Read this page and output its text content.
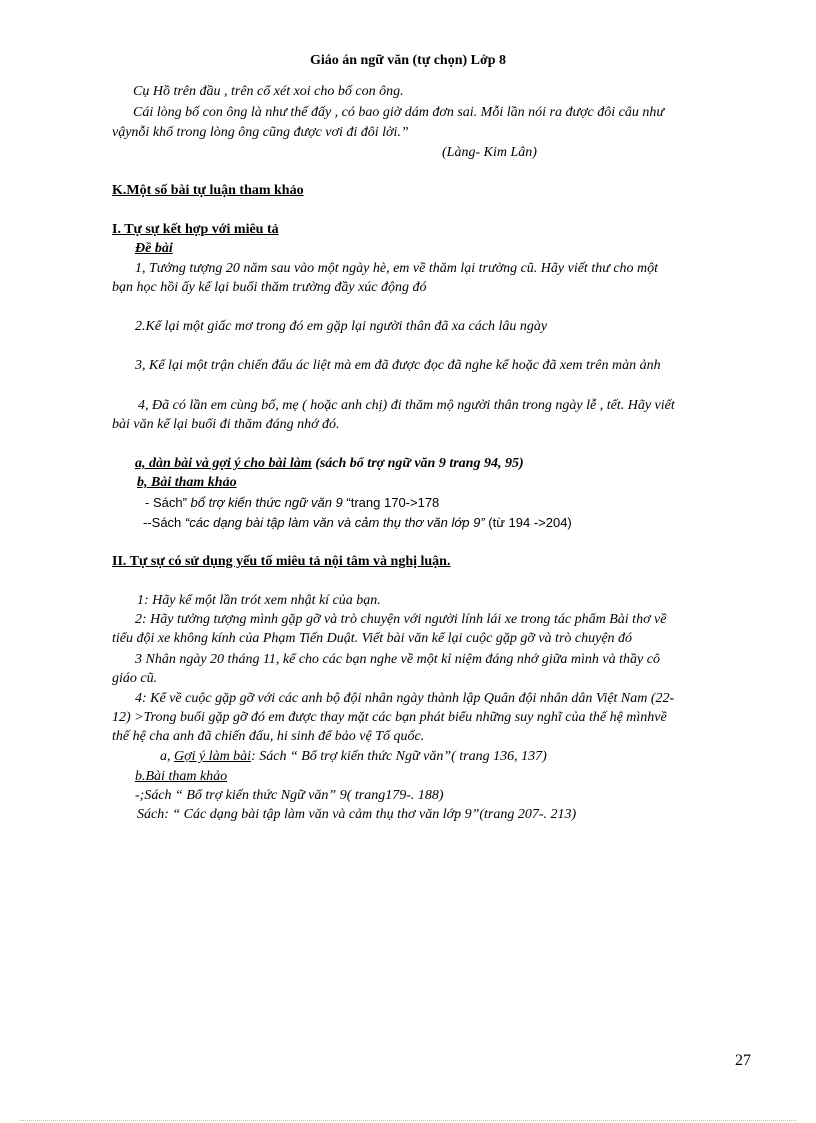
Giáo án ngữ văn (tự chọn) Lớp 8
Cụ Hồ trên đầu , trên cổ xét xoi cho bố con ông.
Cái lòng bố con ông là như thế đấy , có bao giờ dám đơn sai. Mỗi lần nói ra được đôi câu như
vậynỗi khổ trong lòng ông cũng được vơi đi đôi lời.”
(Làng- Kim Lân)
K.Một số bài tự luận tham khảo
I. Tự sự kết hợp với miêu tả
Đề bài
1, Tưởng tượng 20 năm sau vào một ngày hè, em về thăm lại trường cũ. Hãy viết thư cho một
bạn học hồi ấy kể lại buổi thăm trường đầy xúc động đó
2.Kể lại một giấc mơ trong đó em gặp lại người thân đã xa cách lâu ngày
3, Kể lại một trận chiến đấu ác liệt mà em đã được đọc đã nghe kể hoặc đã xem trên màn ảnh
4, Đã có lần em cùng bố, mẹ ( hoặc anh chị) đi thăm mộ người thân trong ngày lễ , tết. Hãy viết
bài văn kể lại buổi đi thăm đáng nhớ đó.
a, dàn bài và gợi ý cho bài làm (sách bổ trợ ngữ văn 9 trang 94, 95)
b, Bài tham khảo
- Sách” bổ trợ kiến thức ngữ văn 9 “trang 170->178
--Sách “các dạng bài tập làm văn và cảm thụ thơ văn lớp 9” (từ 194 ->204)
II. Tự sự có sử dụng yếu tố miêu tả nội tâm và nghị luận.
1: Hãy kể một lần trót xem nhật kí của bạn.
2: Hãy tưởng tượng mình gặp gỡ và trò chuyện với người lính lái xe trong tác phẩm Bài thơ về
tiểu đội xe không kính của Phạm Tiến Duật. Viết bài văn kể lại cuộc gặp gỡ và trò chuyện đó
3 Nhân ngày 20 tháng 11, kể cho các bạn nghe về một kỉ niệm đáng nhớ giữa mình và thầy cô
giáo cũ.
4: Kể về cuộc gặp gỡ với các anh bộ đội nhân ngày thành lập Quân đội nhân dân Việt Nam (22-
12) >Trong buổi gặp gỡ đó em được thay mặt các bạn phát biểu những suy nghĩ của thế hệ mìnhvề
thế hệ cha anh đã chiến đấu, hi sinh để bảo vệ Tổ quốc.
a, Gợi ý làm bài: Sách “ Bổ trợ kiến thức Ngữ văn”( trang 136, 137)
b.Bài tham khảo
-;Sách “ Bổ trợ kiến thức Ngữ văn” 9( trang179-. 188)
Sách: “ Các dạng bài tập làm văn và cảm thụ thơ văn lớp 9”(trang 207-. 213)
27
